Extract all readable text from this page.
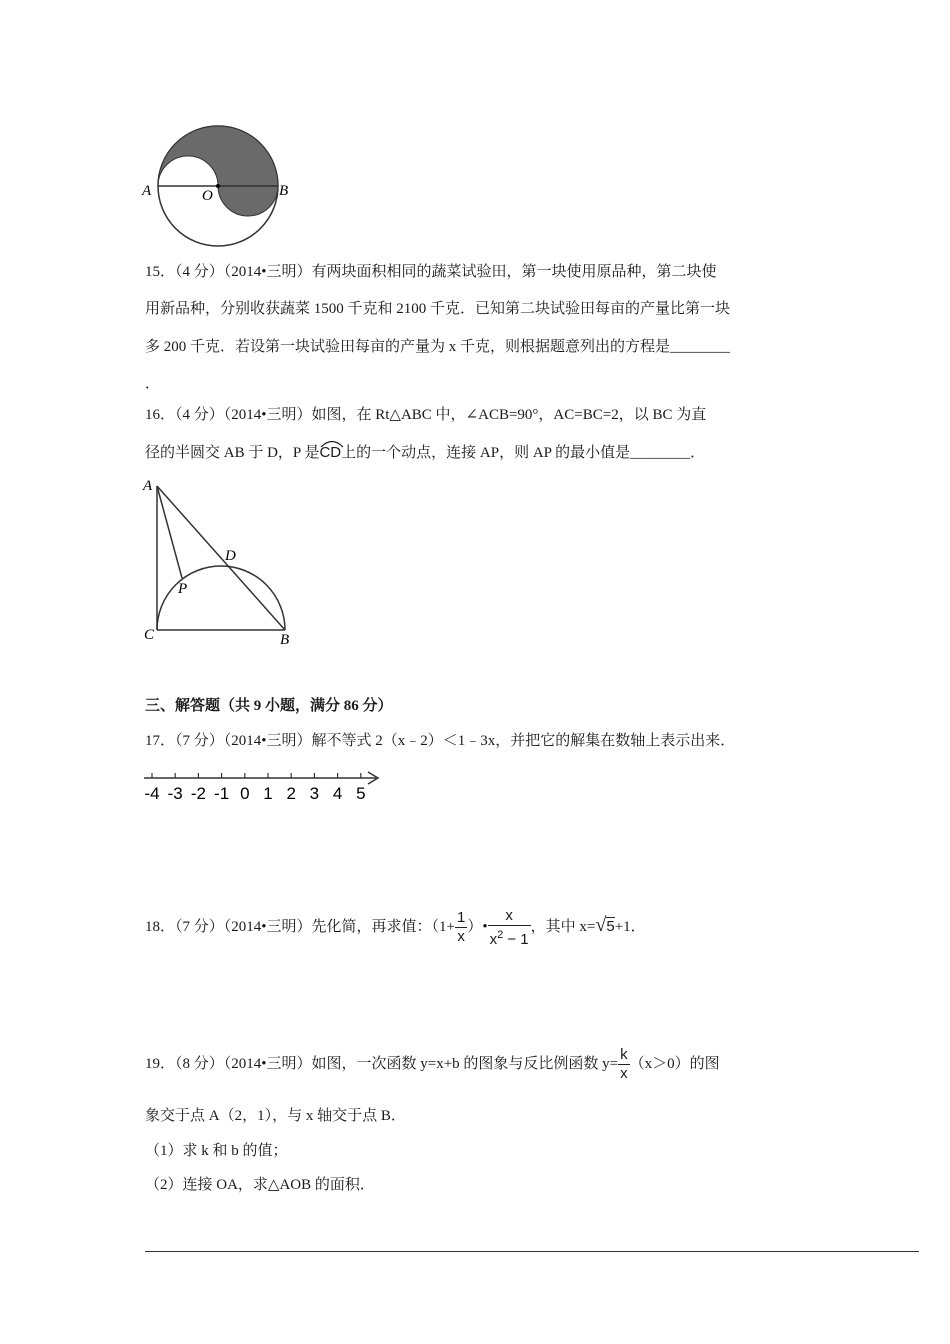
A	O	B
15．（4 分）（2014•三明）有两块面积相同的蔬菜试验田，第一块使用原品种，第二块使
用新品种，分别收获蔬菜 1500 千克和 2100 千克．已知第二块试验田每亩的产量比第一块
多 200 千克．若设第一块试验田每亩的产量为 x 千克，则根据题意列出的方程是________
．
16．（4 分）（2014•三明）如图，在 Rt△ABC 中，∠ACB=90°，AC=BC=2，以 BC 为直
径的半圆交 AB 于 D，P 是
CD上的一个动点，连接 AP，则 AP 的最小值是________．
A
D
P
C	B
三、解答题（共 9 小题，满分 86 分）
17．（7 分）（2014•三明）解不等式 2（x﹣2）＜1﹣3x，并把它的解集在数轴上表示出来．
-4 -3 -2 -1 0 1 2 3 4 5
18．（7 分）（2014•三明）先化简，再求值：（$1+ \frac{1}{x}$ ）• $\frac{x}{x^2 - 1}$ ，其中 x=√5+1．
19．（8 分）（2014•三明）如图，一次函数 y=x+b 的图象与反比例函数 $y= \frac{k}{x} (x>0)$的图
象交于点 A（2，1），与 x 轴交于点 B．
（1）求 k 和 b 的值；
（2）连接 OA，求△AOB 的面积．
